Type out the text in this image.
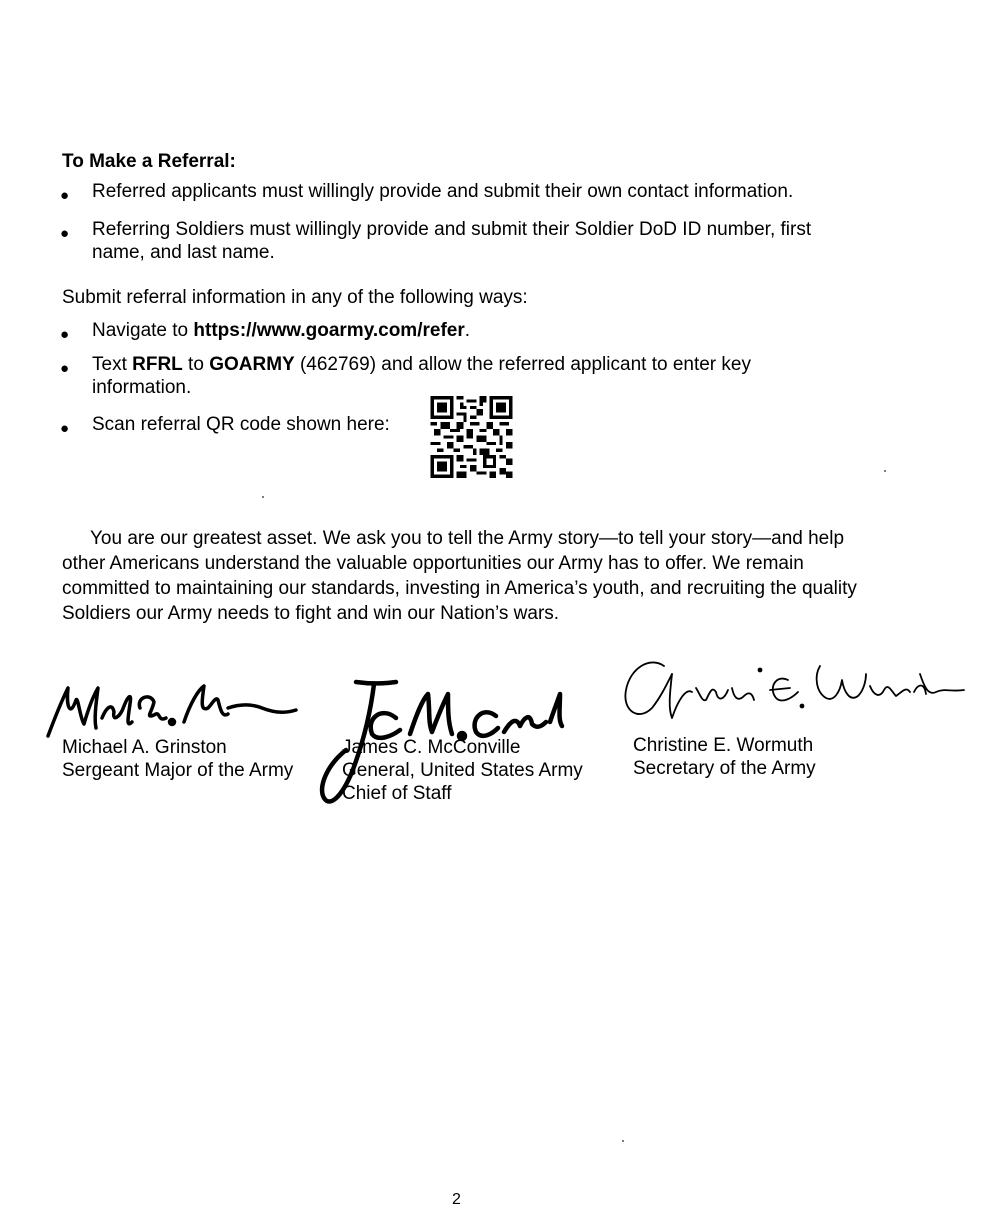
To Make a Referral:
●	Referred applicants must willingly provide and submit their own contact information.
●	Referring Soldiers must willingly provide and submit their Soldier DoD ID number, first name, and last name.
Submit referral information in any of the following ways:
●	Navigate to https://www.goarmy.com/refer.
●	Text RFRL to GOARMY (462769) and allow the referred applicant to enter key information.
●	Scan referral QR code shown here:
You are our greatest asset. We ask you to tell the Army story—to tell your story—and help other Americans understand the valuable opportunities our Army has to offer. We remain committed to maintaining our standards, investing in America’s youth, and recruiting the quality Soldiers our Army needs to fight and win our Nation’s wars.
Michael A. Grinston
Sergeant Major of the Army
James C. McConville
General, United States Army
Chief of Staff
Christine E. Wormuth
Secretary of the Army
2
